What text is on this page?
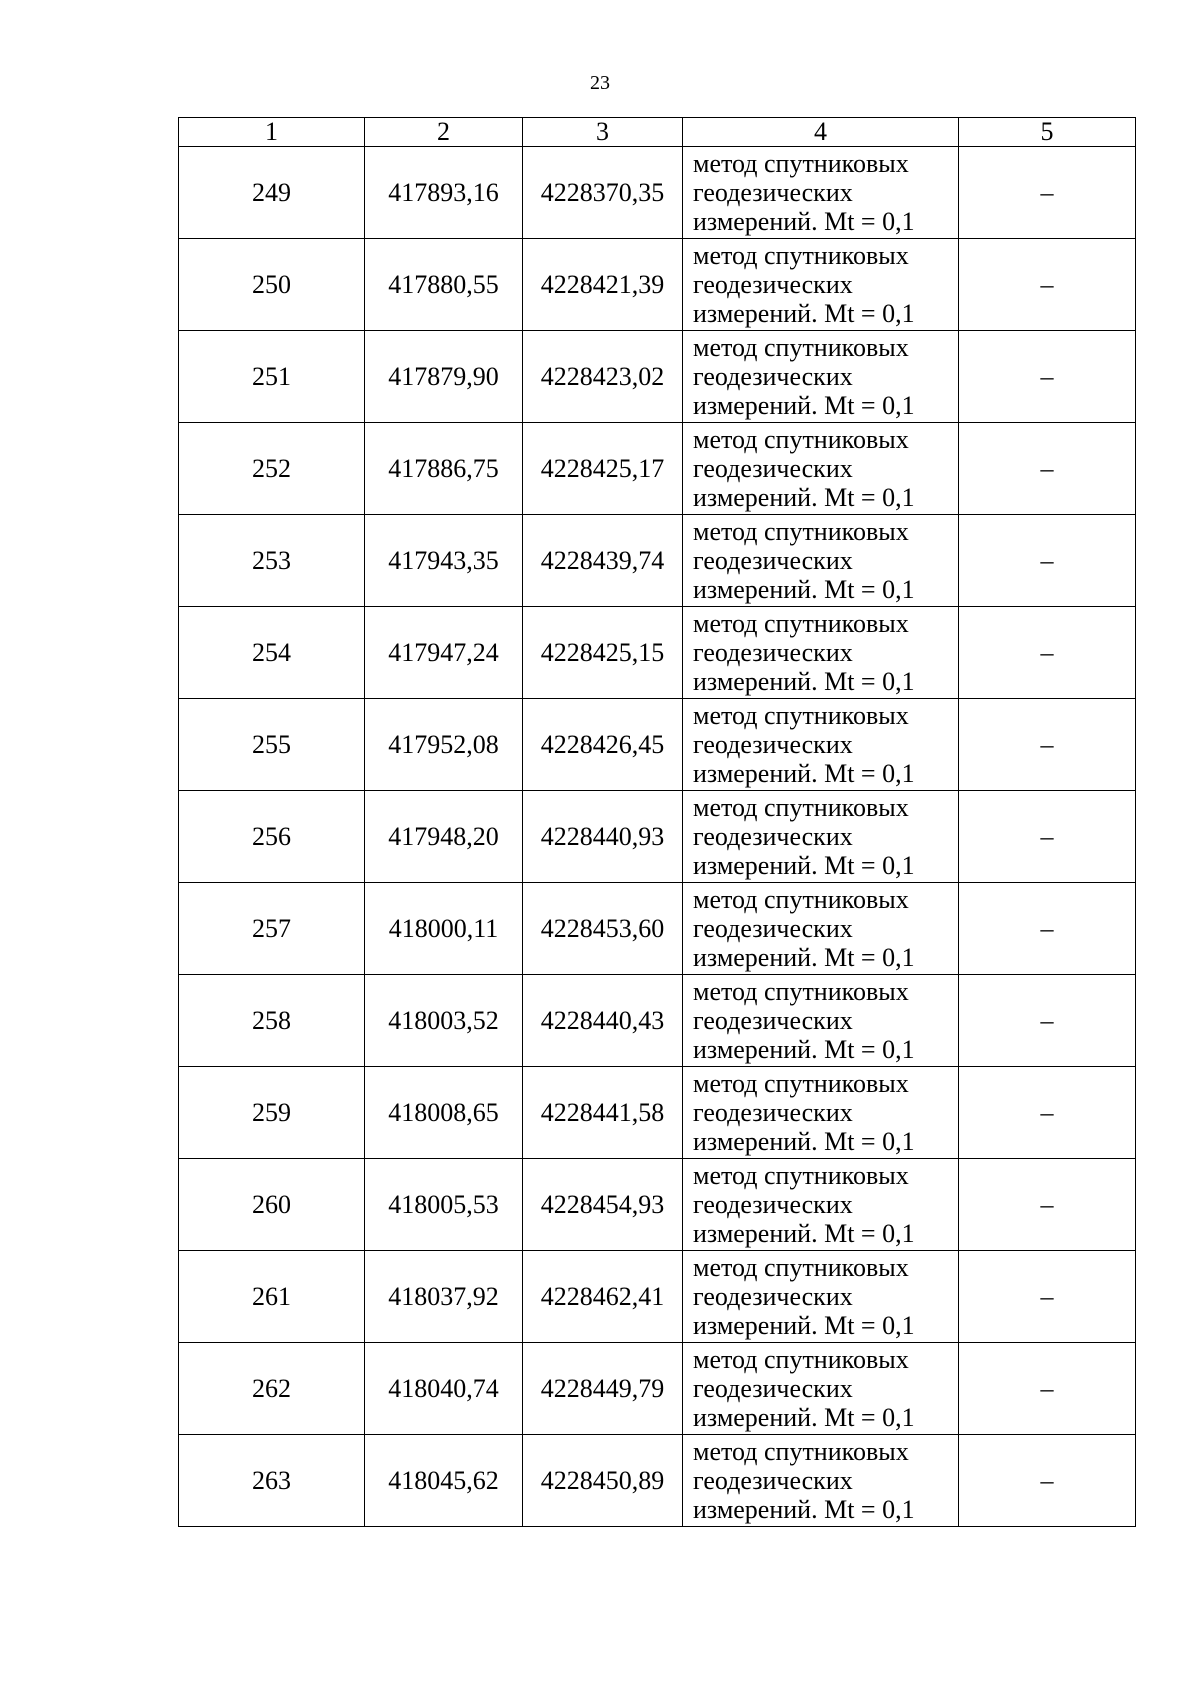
23
1	2	3	4	5
249	417893,16	4228370,35	метод спутниковых
геодезических
измерений. Mt = 0,1	–
250	417880,55	4228421,39	метод спутниковых
геодезических
измерений. Mt = 0,1	–
251	417879,90	4228423,02	метод спутниковых
геодезических
измерений. Mt = 0,1	–
252	417886,75	4228425,17	метод спутниковых
геодезических
измерений. Mt = 0,1	–
253	417943,35	4228439,74	метод спутниковых
геодезических
измерений. Mt = 0,1	–
254	417947,24	4228425,15	метод спутниковых
геодезических
измерений. Mt = 0,1	–
255	417952,08	4228426,45	метод спутниковых
геодезических
измерений. Mt = 0,1	–
256	417948,20	4228440,93	метод спутниковых
геодезических
измерений. Mt = 0,1	–
257	418000,11	4228453,60	метод спутниковых
геодезических
измерений. Mt = 0,1	–
258	418003,52	4228440,43	метод спутниковых
геодезических
измерений. Mt = 0,1	–
259	418008,65	4228441,58	метод спутниковых
геодезических
измерений. Mt = 0,1	–
260	418005,53	4228454,93	метод спутниковых
геодезических
измерений. Mt = 0,1	–
261	418037,92	4228462,41	метод спутниковых
геодезических
измерений. Mt = 0,1	–
262	418040,74	4228449,79	метод спутниковых
геодезических
измерений. Mt = 0,1	–
263	418045,62	4228450,89	метод спутниковых
геодезических
измерений. Mt = 0,1	–
